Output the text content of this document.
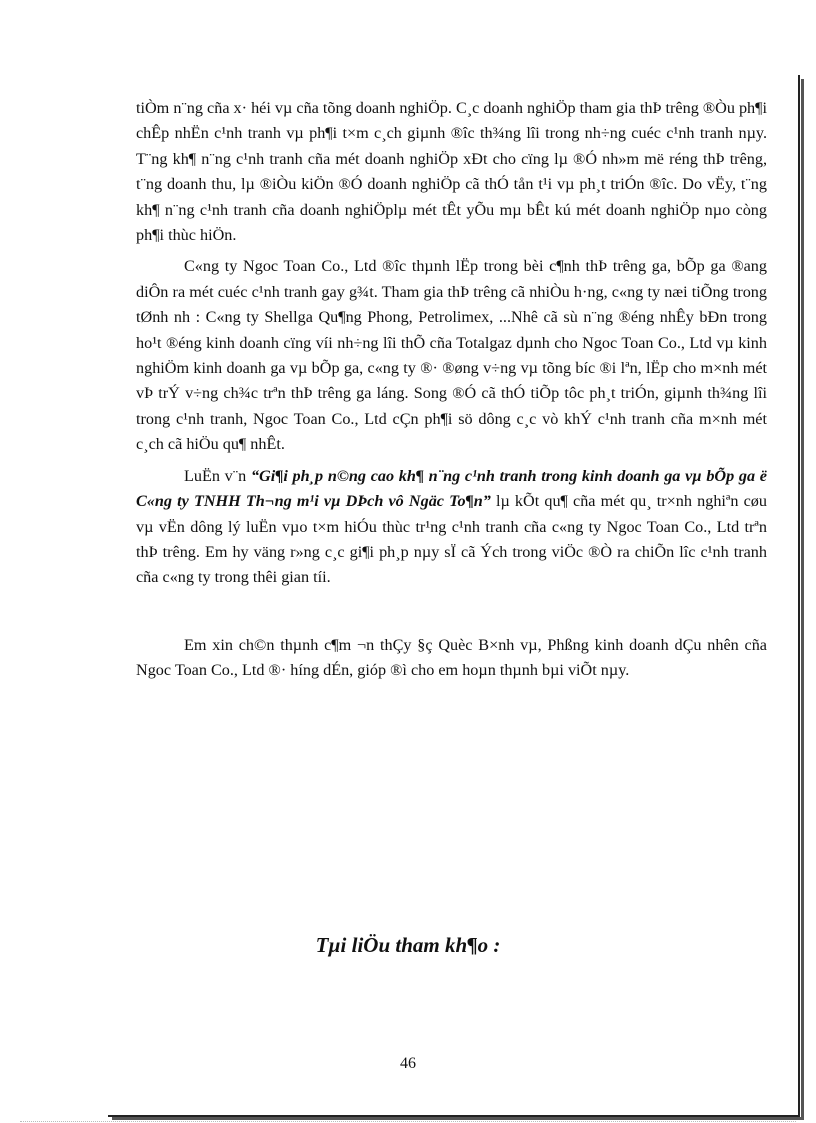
tiÒm n¨ng cña x· héi vµ cña tõng doanh nghiÖp. C¸c doanh nghiÖp tham gia thÞ trêng ®Òu ph¶i chÊp nhËn c¹nh tranh vµ ph¶i t×m c¸ch giµnh ®îc th¾ng lîi trong nh÷ng cuéc c¹nh tranh nµy. T¨ng kh¶ n¨ng c¹nh tranh cña mét doanh nghiÖp xÐt cho cïng lµ ®Ó nh»m më réng thÞ trêng, t¨ng doanh thu, lµ ®iÒu kiÖn ®Ó doanh nghiÖp cã thÓ tån t¹i vµ ph¸t triÓn ®îc. Do vËy, t¨ng kh¶ n¨ng c¹nh tranh cña doanh nghiÖplµ mét tÊt yÕu mµ bÊt kú mét doanh nghiÖp nµo còng ph¶i thùc hiÖn.

C«ng ty Ngoc Toan Co., Ltd ®îc thµnh lËp trong bèi c¶nh thÞ trêng ga, bÕp ga ®ang diÔn ra mét cuéc c¹nh tranh gay g¾t. Tham gia thÞ trêng cã nhiÒu h·ng, c«ng ty næi tiÕng trong tØnh nh : C«ng ty Shellga Qu¶ng Phong, Petrolimex, ...Nhê cã sù n¨ng ®éng nhÊy bÐn trong ho¹t ®éng kinh doanh cïng víi nh÷ng lîi thÕ cña Totalgaz dµnh cho Ngoc Toan Co., Ltd vµ kinh nghiÖm kinh doanh ga vµ bÕp ga, c«ng ty ®· ®øng v÷ng vµ tõng bíc ®i lªn, lËp cho m×nh mét vÞ trÝ v÷ng ch¾c trªn thÞ trêng ga láng. Song ®Ó cã thÓ tiÕp tôc ph¸t triÓn, giµnh th¾ng lîi trong c¹nh tranh, Ngoc Toan Co., Ltd cÇn ph¶i sö dông c¸c vò khÝ c¹nh tranh cña m×nh mét c¸ch cã hiÖu qu¶ nhÊt.

LuËn v¨n “Gi¶i ph¸p n©ng cao kh¶ n¨ng c¹nh tranh trong kinh doanh ga vµ bÕp ga ë C«ng ty TNHH Th¬ng m¹i vµ DÞch vô Ngäc To¶n” lµ kÕt qu¶ cña mét qu¸ tr×nh nghiªn cøu vµ vËn dông lý luËn vµo t×m hiÓu thùc tr¹ng c¹nh tranh cña c«ng ty Ngoc Toan Co., Ltd trªn thÞ trêng. Em hy väng r»ng c¸c gi¶i ph¸p nµy sÏ cã Ých trong viÖc ®Ò ra chiÕn lîc c¹nh tranh cña c«ng ty trong thêi gian tíi.

Em xin ch©n thµnh c¶m ¬n thÇy §ç Quèc B×nh vµ, Phßng kinh doanh dÇu nhên cña Ngoc Toan Co., Ltd ®· híng dÉn, gióp ®ì cho em hoµn thµnh bµi viÕt nµy.

Tµi liÖu tham kh¶o :
46
